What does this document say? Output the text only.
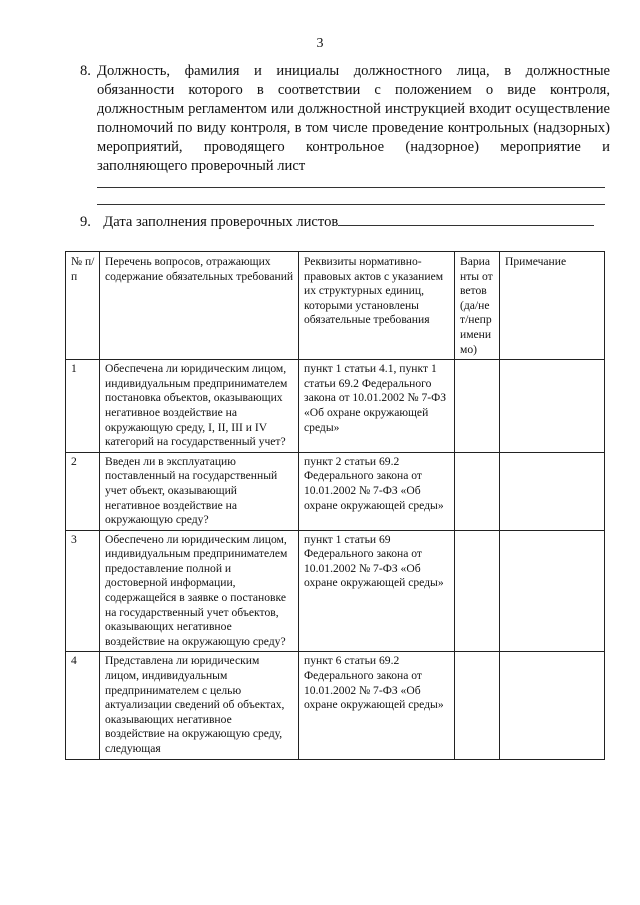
3
8. Должность, фамилия и инициалы должностного лица, в должностные обязанности которого в соответствии с положением о виде контроля, должностным регламентом или должностной инструкцией входит осуществление полномочий по виду контроля, в том числе проведение контрольных (надзорных) мероприятий, проводящего контрольное (надзорное) мероприятие и заполняющего проверочный лист
9. Дата заполнения проверочных листов
№ п/п	Перечень вопросов, отражающих содержание обязательных требований	Реквизиты нормативно-правовых актов с указанием их структурных единиц, которыми установлены обязательные требования	Варианты ответов (да/нет/неприменимо)	Примечание
1	Обеспечена ли юридическим лицом, индивидуальным предпринимателем постановка объектов, оказывающих негативное воздействие на окружающую среду, I, II, III и IV категорий на государственный учет?	пункт 1 статьи 4.1, пункт 1 статьи 69.2 Федерального закона от 10.01.2002 № 7-ФЗ «Об охране окружающей среды»		
2	Введен ли в эксплуатацию поставленный на государственный учет объект, оказывающий негативное воздействие на окружающую среду?	пункт 2 статьи 69.2 Федерального закона от 10.01.2002 № 7-ФЗ «Об охране окружающей среды»		
3	Обеспечено ли юридическим лицом, индивидуальным предпринимателем предоставление полной и достоверной информации, содержащейся в заявке о постановке на государственный учет объектов, оказывающих негативное воздействие на окружающую среду?	пункт 1 статьи 69 Федерального закона от 10.01.2002 № 7-ФЗ «Об охране окружающей среды»		
4	Представлена ли юридическим лицом, индивидуальным предпринимателем с целью актуализации сведений об объектах, оказывающих негативное воздействие на окружающую среду, следующая	пункт 6 статьи 69.2 Федерального закона от 10.01.2002 № 7-ФЗ «Об охране окружающей среды»		
